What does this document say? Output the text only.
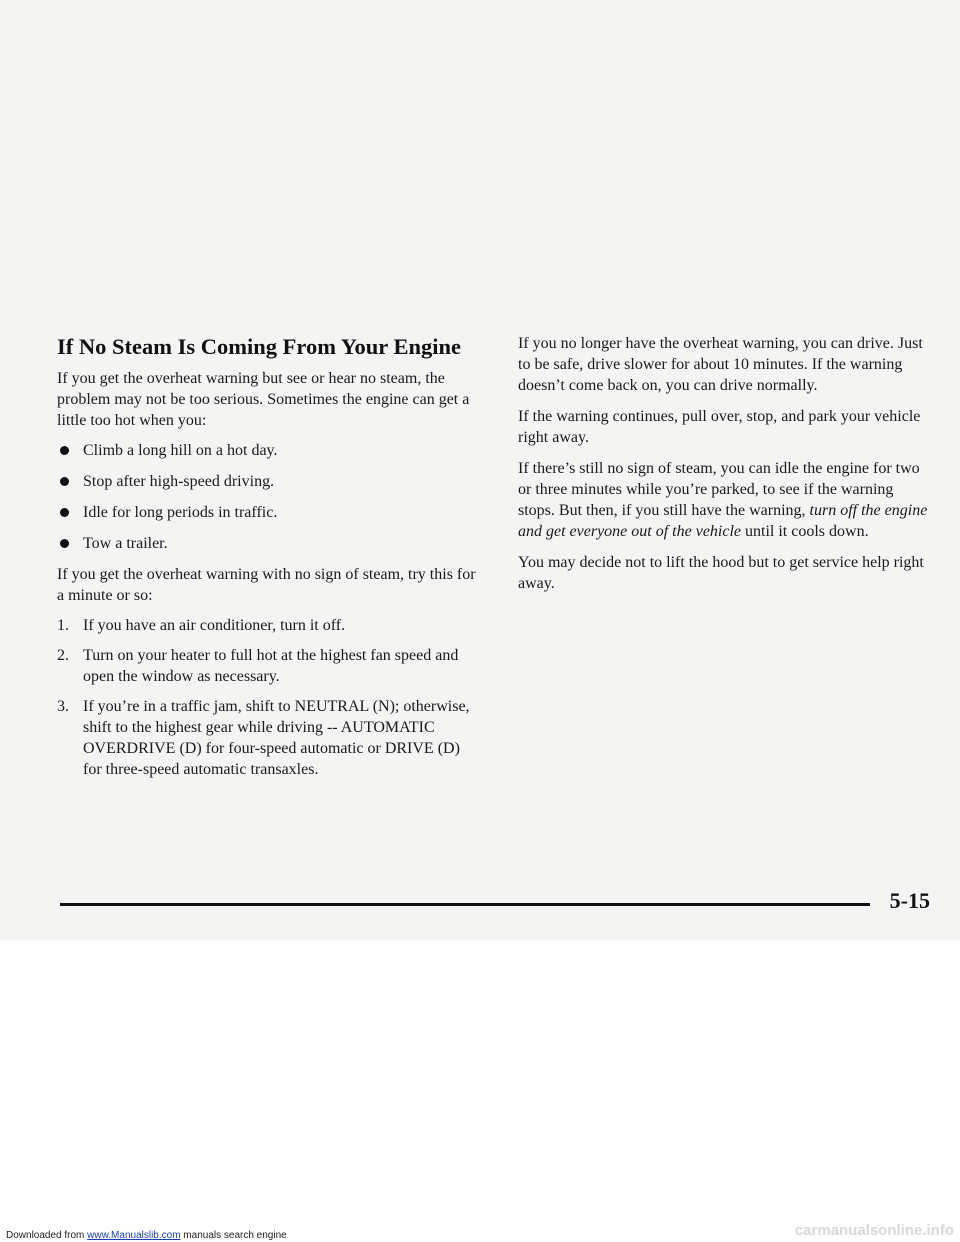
If No Steam Is Coming From Your Engine

If you get the overheat warning but see or hear no steam, the problem may not be too serious. Sometimes the engine can get a little too hot when you:

Climb a long hill on a hot day.
Stop after high-speed driving.
Idle for long periods in traffic.
Tow a trailer.

If you get the overheat warning with no sign of steam, try this for a minute or so:

1. If you have an air conditioner, turn it off.
2. Turn on your heater to full hot at the highest fan speed and open the window as necessary.
3. If you’re in a traffic jam, shift to NEUTRAL (N); otherwise, shift to the highest gear while driving -- AUTOMATIC OVERDRIVE (D) for four-speed automatic or DRIVE (D) for three-speed automatic transaxles.

If you no longer have the overheat warning, you can drive. Just to be safe, drive slower for about 10 minutes. If the warning doesn’t come back on, you can drive normally.

If the warning continues, pull over, stop, and park your vehicle right away.

If there’s still no sign of steam, you can idle the engine for two or three minutes while you’re parked, to see if the warning stops. But then, if you still have the warning, turn off the engine and get everyone out of the vehicle until it cools down.

You may decide not to lift the hood but to get service help right away.

5-15
Downloaded from www.Manualslib.com manuals search engine	carmanualsonline.info
